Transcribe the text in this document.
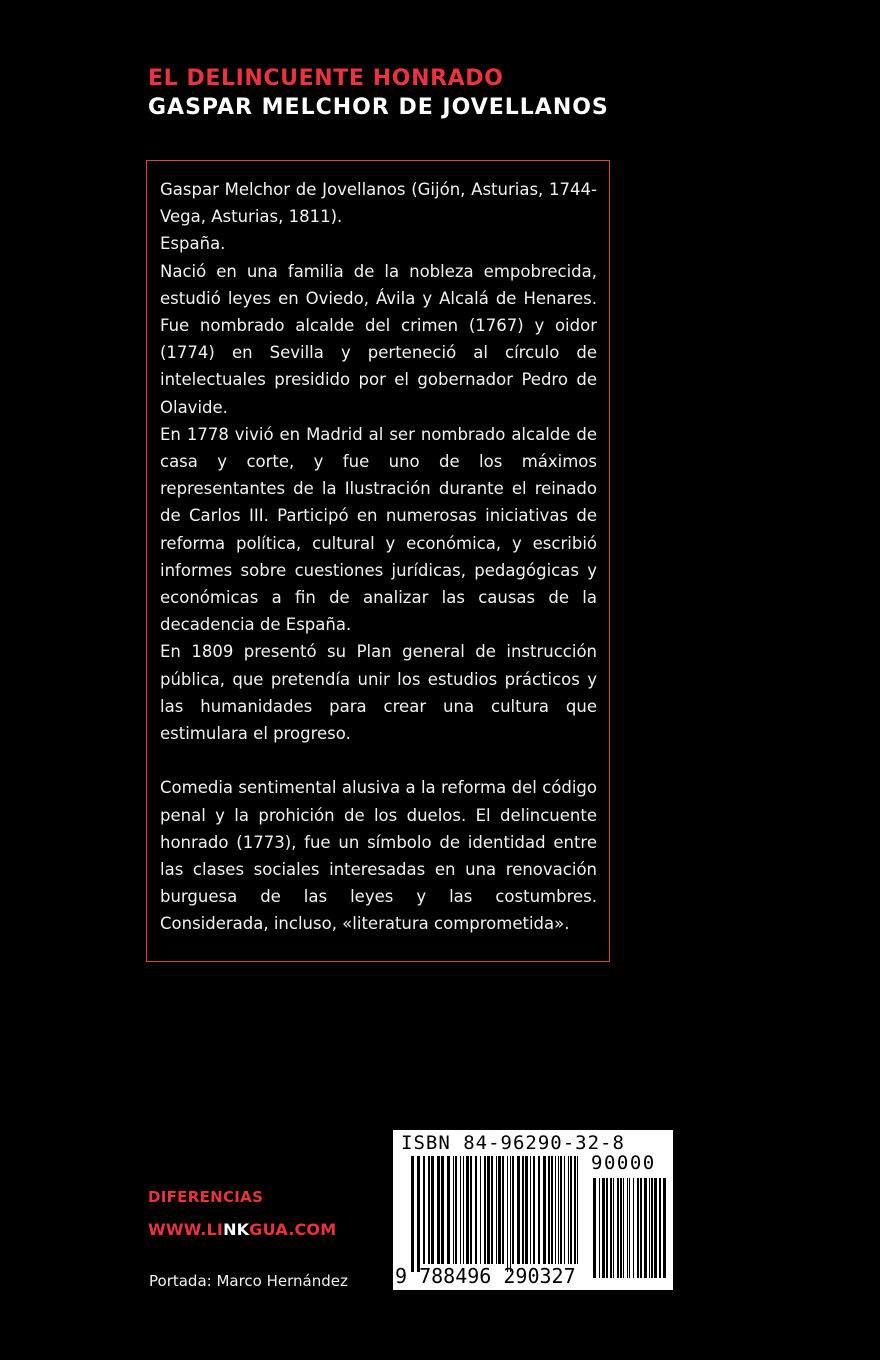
EL DELINCUENTE HONRADO
GASPAR MELCHOR DE JOVELLANOS

Gaspar Melchor de Jovellanos (Gijón, Asturias, 1744-Vega, Asturias, 1811).

España.

Nació en una familia de la nobleza empobrecida, estudió leyes en Oviedo, Ávila y Alcalá de Henares. Fue nombrado alcalde del crimen (1767) y oidor (1774) en Sevilla y perteneció al círculo de intelectuales presidido por el gobernador Pedro de Olavide.

En 1778 vivió en Madrid al ser nombrado alcalde de casa y corte, y fue uno de los máximos representantes de la Ilustración durante el reinado de Carlos III. Participó en numerosas iniciativas de reforma política, cultural y económica, y escribió informes sobre cuestiones jurídicas, pedagógicas y económicas a fin de analizar las causas de la decadencia de España.

En 1809 presentó su Plan general de instrucción pública, que pretendía unir los estudios prácticos y las humanidades para crear una cultura que estimulara el progreso.

Comedia sentimental alusiva a la reforma del código penal y la prohición de los duelos. El delincuente honrado (1773), fue un símbolo de identidad entre las clases sociales interesadas en una renovación burguesa de las leyes y las costumbres. Considerada, incluso, «literatura comprometida».

DIFERENCIAS
WWW.LINKGUA.COM
Portada: Marco Hernández
ISBN 84-96290-32-8
90000
9 788496 290327
